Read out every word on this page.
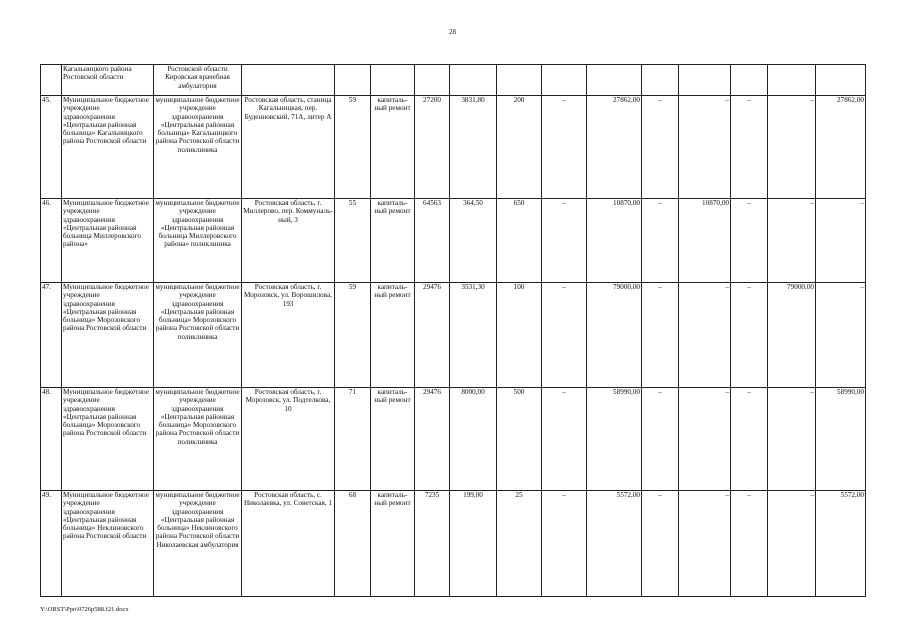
28
	Кагальницкого района Ростовской области	Ростовской области Кировская врачебная амбулатория													
45.	Муниципальное бюджетное учреждение здравоохранения «Центральная районная больница» Кагальницкого района Ростовской области	муниципальное бюджетное учреждение здравоохранения «Центральная районная больница» Кагальницкого района Ростовской области поликлиника	Ростовская область, станица Кагальницкая, пер. Буденновский, 71А, литер А	59	капиталь-ный ремонт	27200	3831,80	200	–	27862,00	–	–	–	–	27862,00
46.	Муниципальное бюджетное учреждение здравоохранения «Центральная районная больница Миллеровского района»	муниципальное бюджетное учреждение здравоохранения «Центральная районная больница Миллеровского района» поликлиника	Ростовская область, г. Миллерово, пер. Коммуналь-ный, 3	55	капиталь-ный ремонт	64563	364,50	650	–	10870,00	–	10870,00	–	–	–
47.	Муниципальное бюджетное учреждение здравоохранения «Центральная районная больница» Морозовского района Ростовской области	муниципальное бюджетное учреждение здравоохранения «Центральная районная больница» Морозовского района Ростовской области поликлиника	Ростовская область, г. Морозовск, ул. Ворошилова, 193	59	капиталь-ный ремонт	29476	3531,30	100	–	79000,00	–	–	–	79000,00	–
48.	Муниципальное бюджетное учреждение здравоохранения «Центральная районная больница» Морозовского района Ростовской области	муниципальное бюджетное учреждение здравоохранения «Центральная районная больница» Морозовского района Ростовской области поликлиника	Ростовская область, г. Морозовск, ул. Подтелкова, 10	71	капиталь-ный ремонт	29476	8000,00	500	–	58990,00	–	–	–	–	58990,00
49.	Муниципальное бюджетное учреждение здравоохранения «Центральная районная больница» Неклиновского района Ростовской области	муниципальное бюджетное учреждение здравоохранения «Центральная районная больница» Неклиновского района Ростовской области Николаевская амбулатория	Ростовская область, с. Николаевка, ул. Советская, 1	68	капиталь-ный ремонт	7235	199,00	25	–	5572,00	–	–	–	–	5572,00
Y:\ORST\Ppo\0726p588.f21.docx
